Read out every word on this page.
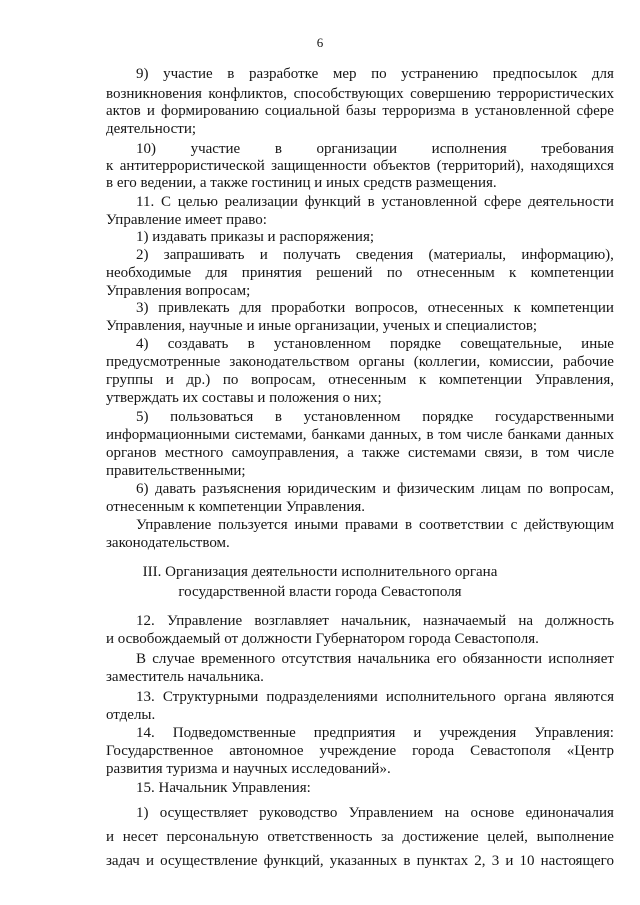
6
9) участие в разработке мер по устранению предпосылок для
возникновения конфликтов, способствующих совершению террористических
актов и формированию социальной базы терроризма в установленной сфере
деятельности;
10) участие в организации исполнения требования
к антитеррористической защищенности объектов (территорий), находящихся
в его ведении, а также гостиниц и иных средств размещения.
11. С целью реализации функций в установленной сфере деятельности
Управление имеет право:
1) издавать приказы и распоряжения;
2) запрашивать и получать сведения (материалы, информацию),
необходимые для принятия решений по отнесенным к компетенции
Управления вопросам;
3) привлекать для проработки вопросов, отнесенных к компетенции
Управления, научные и иные организации, ученых и специалистов;
4) создавать в установленном порядке совещательные, иные
предусмотренные законодательством органы (коллегии, комиссии, рабочие
группы и др.) по вопросам, отнесенным к компетенции Управления,
утверждать их составы и положения о них;
5) пользоваться в установленном порядке государственными
информационными системами, банками данных, в том числе банками данных
органов местного самоуправления, а также системами связи, в том числе
правительственными;
6) давать разъяснения юридическим и физическим лицам по вопросам,
отнесенным к компетенции Управления.
Управление пользуется иными правами в соответствии с действующим
законодательством.
III. Организация деятельности исполнительного органа
государственной власти города Севастополя
12. Управление возглавляет начальник, назначаемый на должность
и освобождаемый от должности Губернатором города Севастополя.
В случае временного отсутствия начальника его обязанности исполняет
заместитель начальника.
13. Структурными подразделениями исполнительного органа являются
отделы.
14. Подведомственные предприятия и учреждения Управления:
Государственное автономное учреждение города Севастополя «Центр
развития туризма и научных исследований».
15. Начальник Управления:
1) осуществляет руководство Управлением на основе единоначалия
и несет персональную ответственность за достижение целей, выполнение
задач и осуществление функций, указанных в пунктах 2, 3 и 10 настоящего
